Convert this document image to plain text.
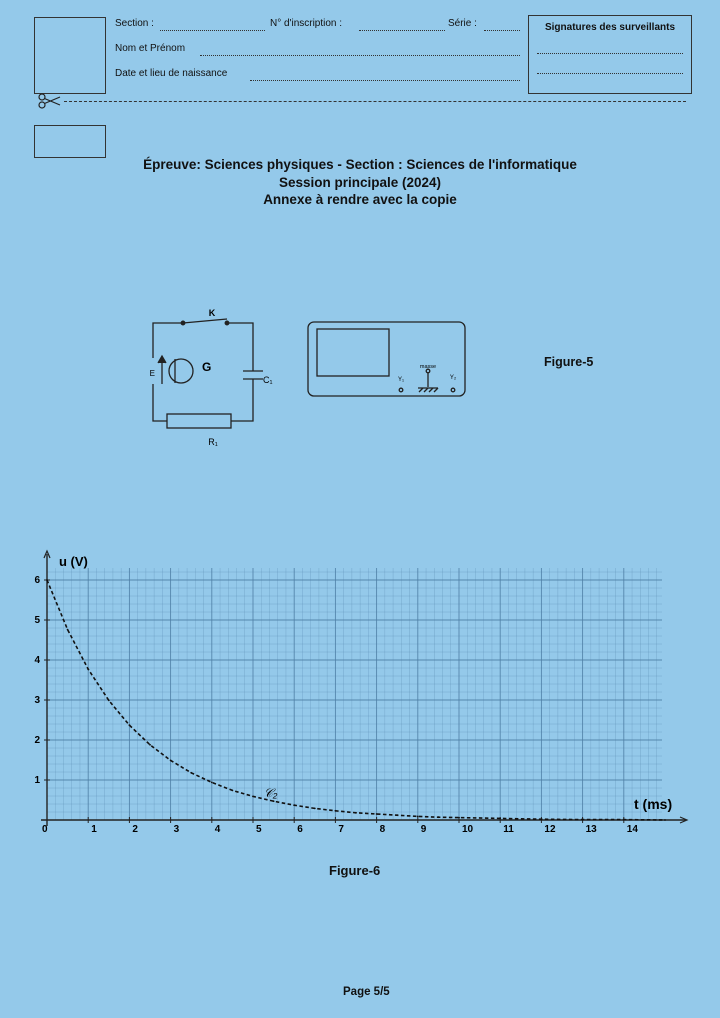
Section :	N° d'inscription :	Série :
Nom et Prénom
Date et lieu de naissance
Signatures des surveillants
Épreuve: Sciences physiques - Section : Sciences de l'informatique
Session principale (2024)
Annexe à rendre avec la copie
K
G
E
C₁
R₁
masse
Y₁	Y₂
Figure-5
0	1	2	3	4	5	6	7	8	9	10	11	12	13	14
1
2
3
4
5
6
u (V)
t (ms)
𝒞₂
Figure-6
Page 5/5
